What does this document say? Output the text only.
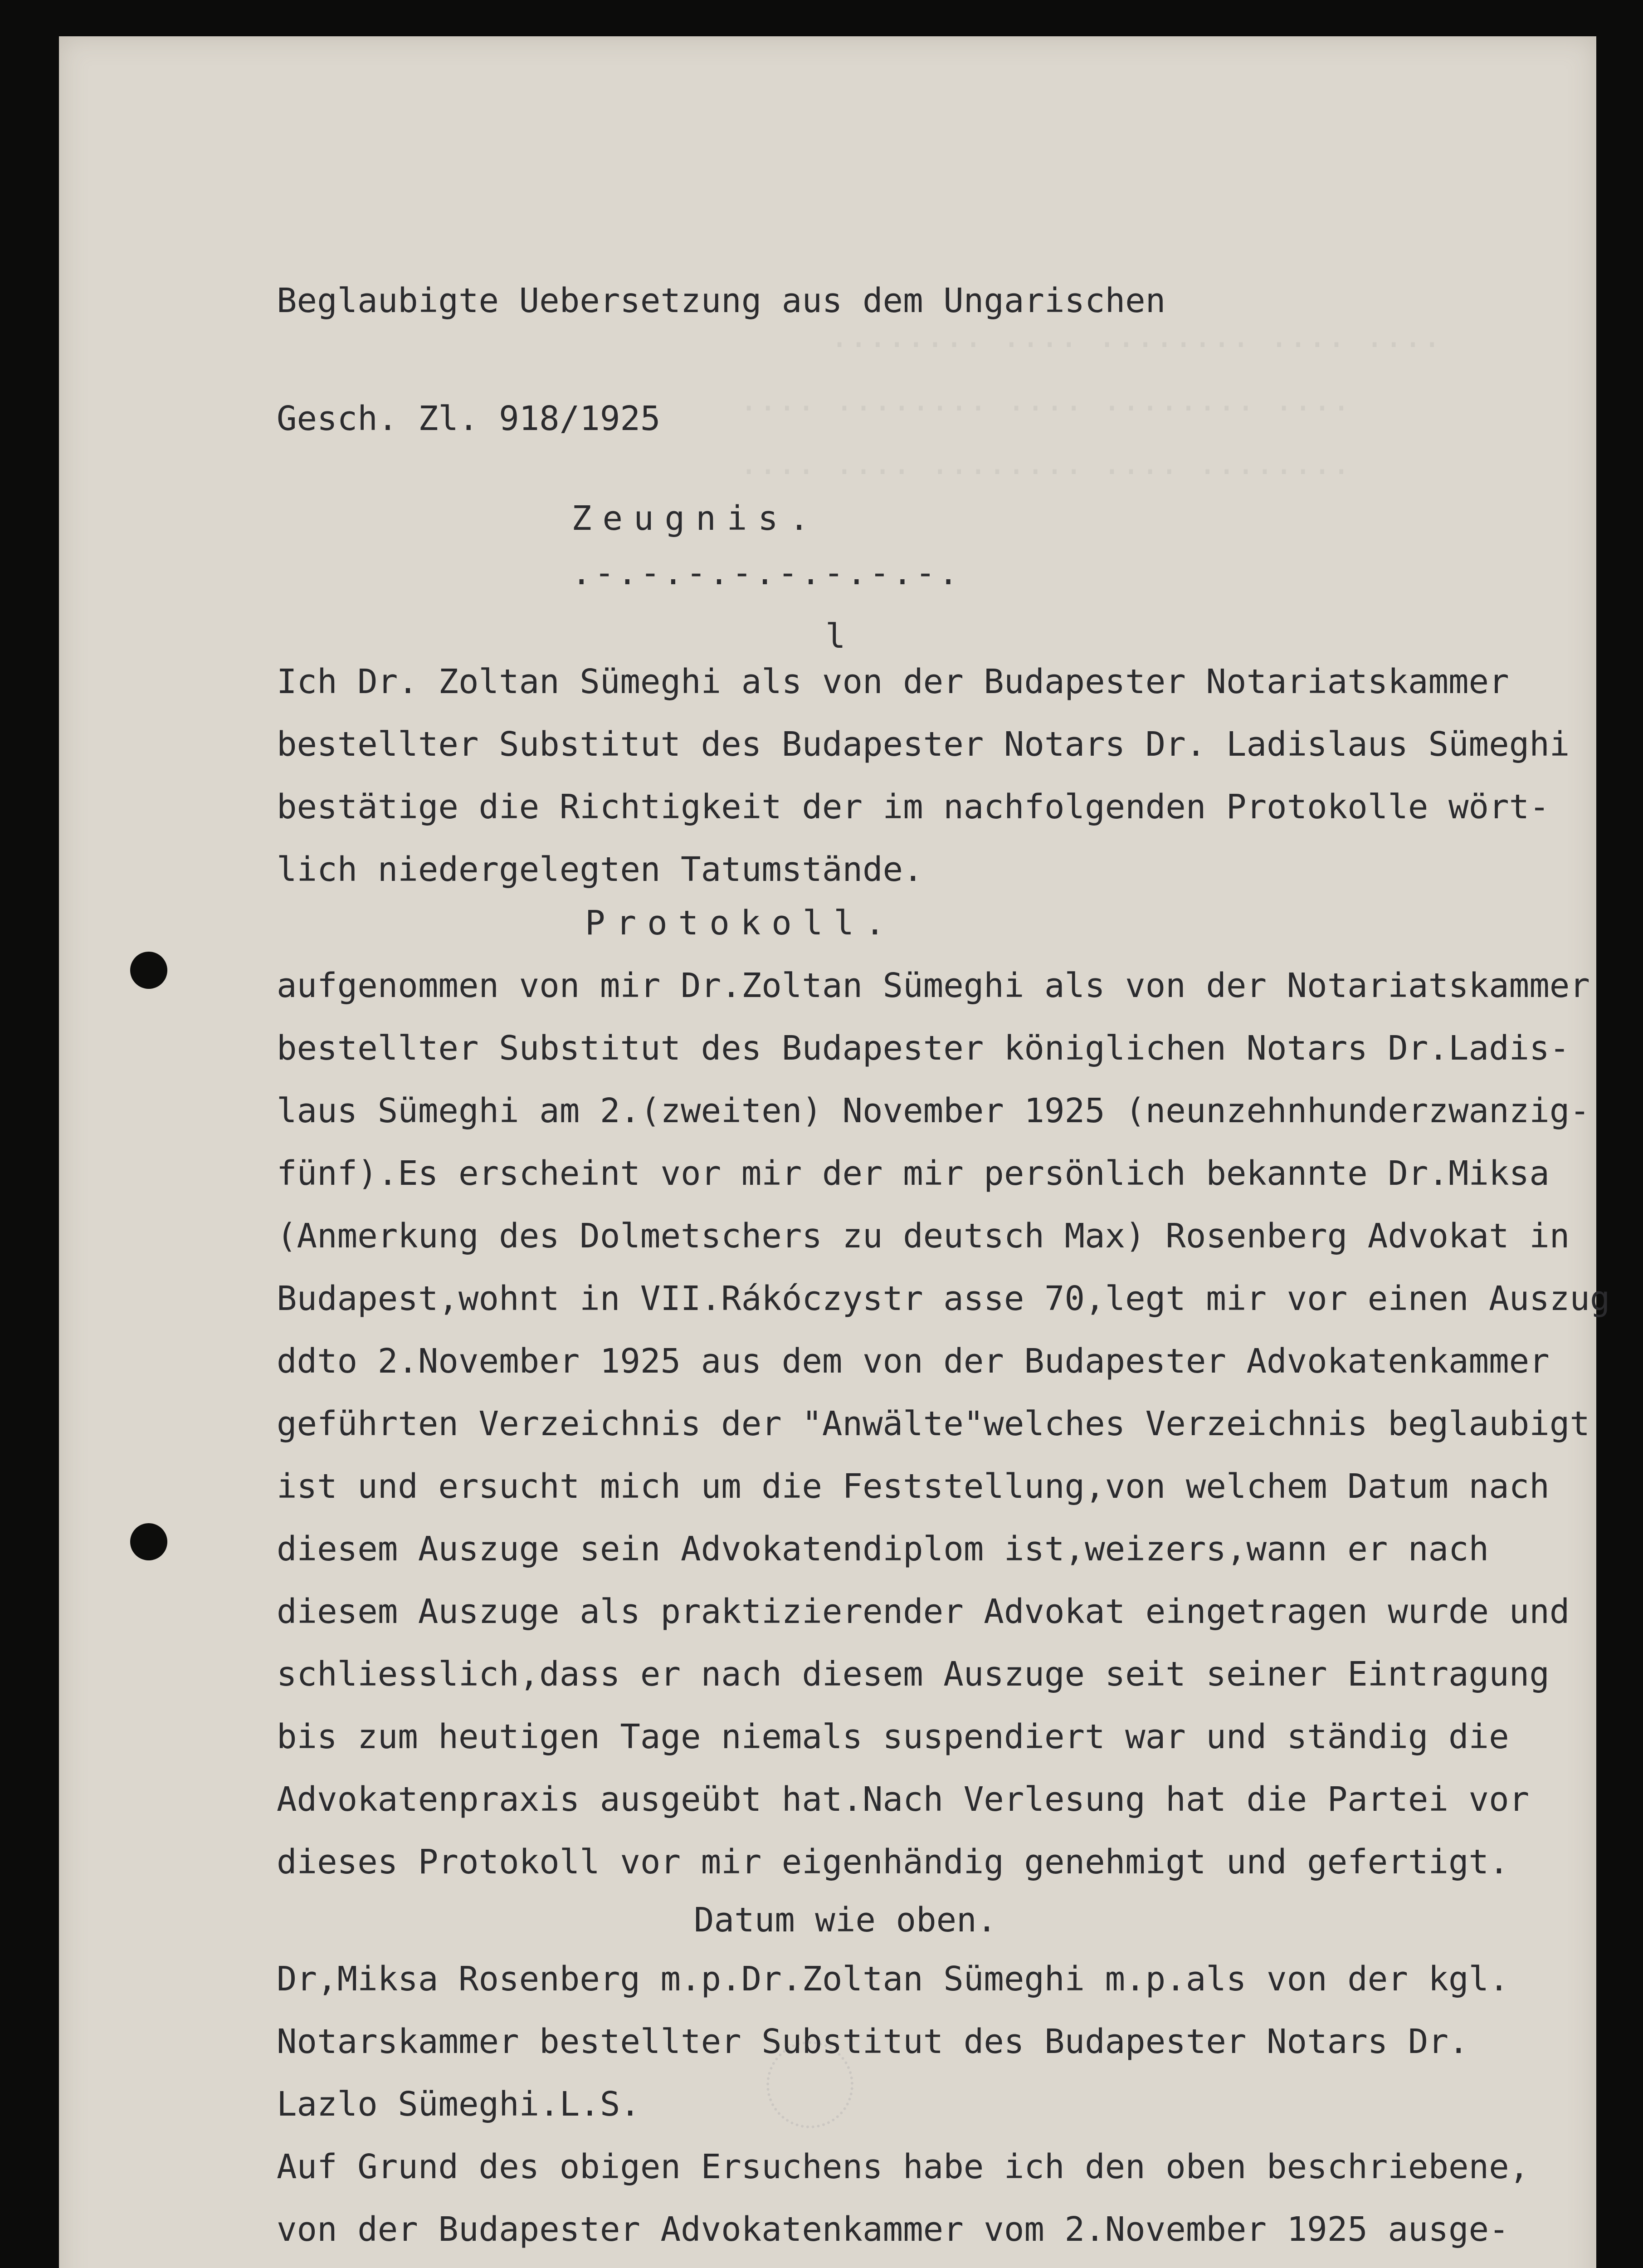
.... .... ........ .... ........
.... ........ .... ........ ....
........ .... ........ .... ....

Beglaubigte Uebersetzung aus dem Ungarischen

Gesch. Zl. 918/1925

Zeugnis.

.-.-.-.-.-.-.-.-.

l

Ich Dr. Zoltan Sümeghi als von der Budapester Notariatskammer

bestellter Substitut des Budapester Notars Dr. Ladislaus Sümeghi

bestätige die Richtigkeit der im nachfolgenden Protokolle wört-

lich niedergelegten Tatumstände.

Protokoll.

aufgenommen von mir Dr.Zoltan Sümeghi als von der Notariatskammer

bestellter Substitut des Budapester königlichen Notars Dr.Ladis-

laus Sümeghi am 2.(zweiten) November 1925 (neunzehnhunderzwanzig-

fünf).Es erscheint vor mir der mir persönlich bekannte Dr.Miksa

(Anmerkung des Dolmetschers zu deutsch Max) Rosenberg Advokat in

Budapest,wohnt in VII.Rákóczystr asse 70,legt mir vor einen Auszug

ddto 2.November 1925 aus dem von der Budapester Advokatenkammer

geführten Verzeichnis der "Anwälte"welches Verzeichnis beglaubigt

ist und ersucht mich um die Feststellung,von welchem Datum nach

diesem Auszuge sein Advokatendiplom ist,weizers,wann er nach

diesem Auszuge als praktizierender Advokat eingetragen wurde und

schliesslich,dass er nach diesem Auszuge seit seiner Eintragung

bis zum heutigen Tage niemals suspendiert war und ständig die

Advokatenpraxis ausgeübt hat.Nach Verlesung hat die Partei vor

dieses Protokoll vor mir eigenhändig genehmigt und gefertigt.

Datum wie oben.

Dr,Miksa Rosenberg m.p.Dr.Zoltan Sümeghi m.p.als von der kgl.

Notarskammer bestellter Substitut des Budapester Notars Dr.

Lazlo Sümeghi.L.S.

Auf Grund des obigen Ersuchens habe ich den oben beschriebene,

von der Budapester Advokatenkammer vom 2.November 1925 ausge-
